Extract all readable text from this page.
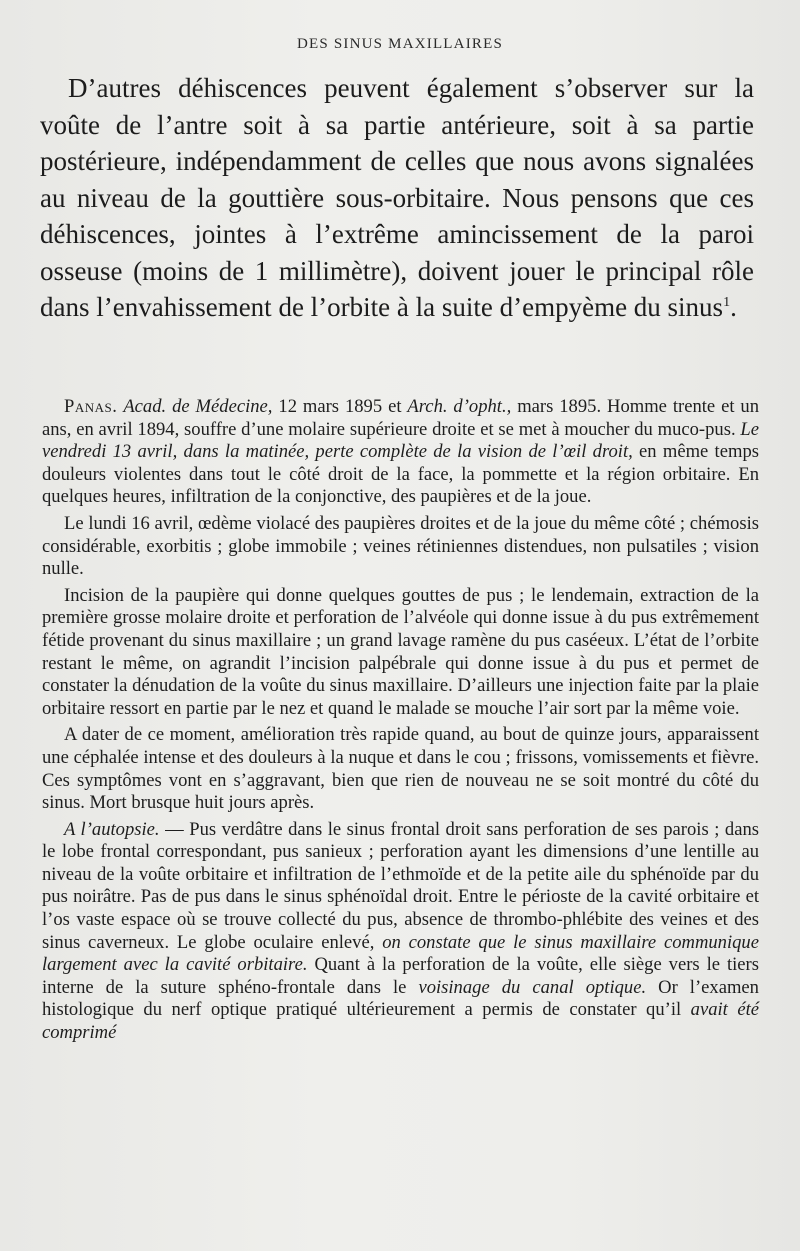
DES SINUS MAXILLAIRES

D’autres déhiscences peuvent également s’observer sur la voûte de l’antre soit à sa partie antérieure, soit à sa partie postérieure, indépendamment de celles que nous avons signalées au niveau de la gouttière sous-orbitaire. Nous pensons que ces déhiscences, jointes à l’extrême amincissement de la paroi osseuse (moins de 1 millimètre), doivent jouer le principal rôle dans l’envahissement de l’orbite à la suite d’empyème du sinus$^1$.

Panas. Acad. de Médecine, 12 mars 1895 et Arch. d’opht., mars 1895. Homme trente et un ans, en avril 1894, souffre d’une molaire supérieure droite et se met à moucher du muco-pus. Le vendredi 13 avril, dans la matinée, perte complète de la vision de l’œil droit, en même temps douleurs violentes dans tout le côté droit de la face, la pommette et la région orbitaire. En quelques heures, infiltration de la conjonctive, des paupières et de la joue.

Le lundi 16 avril, œdème violacé des paupières droites et de la joue du même côté ; chémosis considérable, exorbitis ; globe immobile ; veines rétiniennes distendues, non pulsatiles ; vision nulle.

Incision de la paupière qui donne quelques gouttes de pus ; le lendemain, extraction de la première grosse molaire droite et perforation de l’alvéole qui donne issue à du pus extrêmement fétide provenant du sinus maxillaire ; un grand lavage ramène du pus caséeux. L’état de l’orbite restant le même, on agrandit l’incision palpébrale qui donne issue à du pus et permet de constater la dénudation de la voûte du sinus maxillaire. D’ailleurs une injection faite par la plaie orbitaire ressort en partie par le nez et quand le malade se mouche l’air sort par la même voie.

A dater de ce moment, amélioration très rapide quand, au bout de quinze jours, apparaissent une céphalée intense et des douleurs à la nuque et dans le cou ; frissons, vomissements et fièvre. Ces symptômes vont en s’aggravant, bien que rien de nouveau ne se soit montré du côté du sinus. Mort brusque huit jours après.

A l’autopsie. — Pus verdâtre dans le sinus frontal droit sans perforation de ses parois ; dans le lobe frontal correspondant, pus sanieux ; perforation ayant les dimensions d’une lentille au niveau de la voûte orbitaire et infiltration de l’ethmoïde et de la petite aile du sphénoïde par du pus noirâtre. Pas de pus dans le sinus sphénoïdal droit. Entre le périoste de la cavité orbitaire et l’os vaste espace où se trouve collecté du pus, absence de thrombo-phlébite des veines et des sinus caverneux. Le globe oculaire enlevé, on constate que le sinus maxillaire communique largement avec la cavité orbitaire. Quant à la perforation de la voûte, elle siège vers le tiers interne de la suture sphéno-frontale dans le voisinage du canal optique. Or l’examen histologique du nerf optique pratiqué ultérieurement a permis de constater qu’il avait été comprimé
